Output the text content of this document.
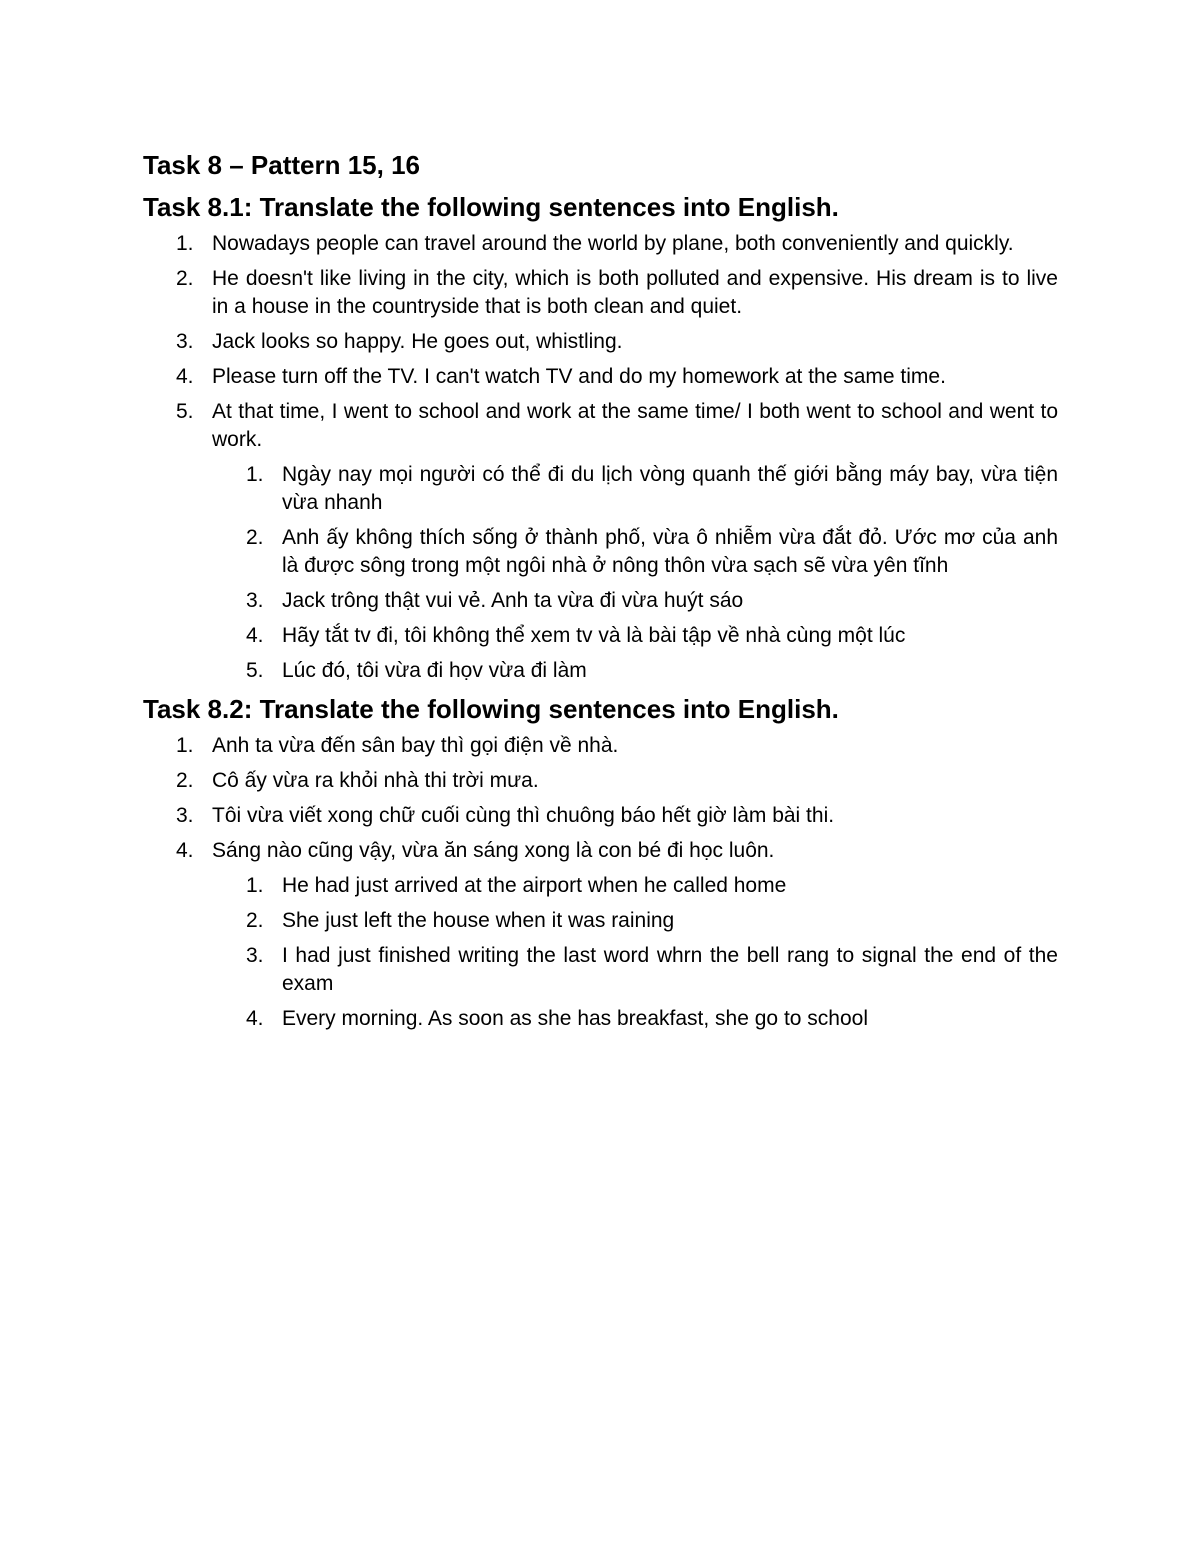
Task 8 – Pattern 15, 16
Task 8.1: Translate the following sentences into English.
1. Nowadays people can travel around the world by plane, both conveniently and quickly.
2. He doesn't like living in the city, which is both polluted and expensive. His dream is to live in a house in the countryside that is both clean and quiet.
3. Jack looks so happy. He goes out, whistling.
4. Please turn off the TV. I can't watch TV and do my homework at the same time.
5. At that time, I went to school and work at the same time/ I both went to school and went to work.
1. Ngày nay mọi người có thể đi du lịch vòng quanh thế giới bằng máy bay, vừa tiện vừa nhanh
2. Anh ấy không thích sống ở thành phố, vừa ô nhiễm vừa đắt đỏ. Ước mơ của anh là được sông trong một ngôi nhà ở nông thôn vừa sạch sẽ vừa yên tĩnh
3. Jack trông thật vui vẻ. Anh ta vừa đi vừa huýt sáo
4. Hãy tắt tv đi, tôi không thể xem tv và là bài tập về nhà cùng một lúc
5. Lúc đó, tôi vừa đi họv vừa đi làm
Task 8.2: Translate the following sentences into English.
1. Anh ta vừa đến sân bay thì gọi điện về nhà.
2. Cô ấy vừa ra khỏi nhà thi trời mưa.
3. Tôi vừa viết xong chữ cuối cùng thì chuông báo hết giờ làm bài thi.
4. Sáng nào cũng vậy, vừa ăn sáng xong là con bé đi học luôn.
1. He had just arrived at the airport when he called home
2. She just left the house when it was raining
3. I had just finished writing the last word whrn the bell rang to signal the end of the exam
4. Every morning. As soon as she has breakfast, she go to school
